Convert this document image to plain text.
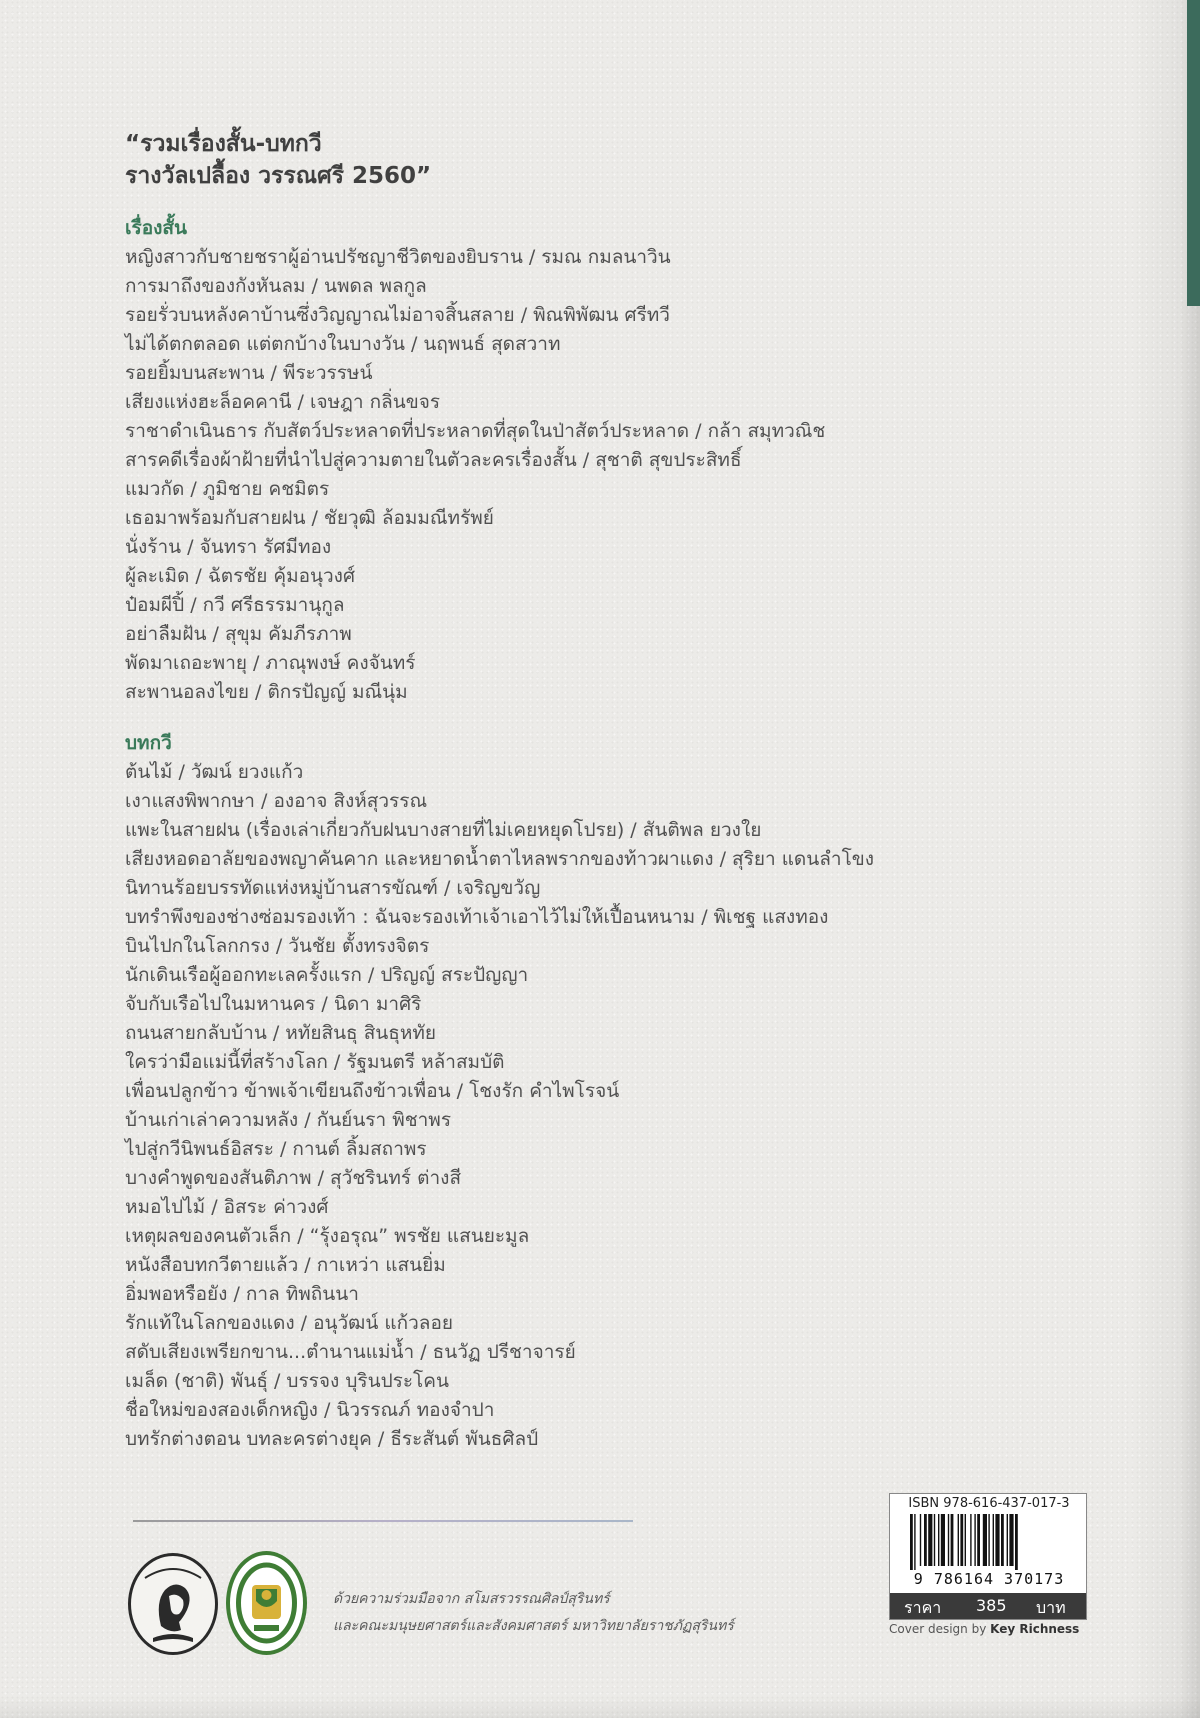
“รวมเรื่องสั้น-บทกวี
รางวัลเปลื้อง วรรณศรี 2560”
เรื่องสั้น
หญิงสาวกับชายชราผู้อ่านปรัชญาชีวิตของยิบราน / รมณ กมลนาวิน
การมาถึงของกังหันลม / นพดล พลกูล
รอยรั่วบนหลังคาบ้านซึ่งวิญญาณไม่อาจสิ้นสลาย / พิณพิพัฒน ศรีทวี
ไม่ได้ตกตลอด แต่ตกบ้างในบางวัน / นฤพนธ์ สุดสวาท
รอยยิ้มบนสะพาน / พีระวรรษน์
เสียงแห่งฮะล็อคคานี / เจษฎา กลิ่นขจร
ราชาดำเนินธาร กับสัตว์ประหลาดที่ประหลาดที่สุดในป่าสัตว์ประหลาด / กล้า สมุทวณิช
สารคดีเรื่องผ้าฝ้ายที่นำไปสู่ความตายในตัวละครเรื่องสั้น / สุชาติ สุขประสิทธิ์
แมวกัด / ภูมิชาย คชมิตร
เธอมาพร้อมกับสายฝน / ชัยวุฒิ ล้อมมณีทรัพย์
นั่งร้าน / จันทรา รัศมีทอง
ผู้ละเมิด / ฉัตรชัย คุ้มอนุวงศ์
ป๋อมผีปิ้ / กวี ศรีธรรมานุกูล
อย่าลืมฝัน / สุขุม คัมภีรภาพ
พัดมาเถอะพายุ / ภาณุพงษ์ คงจันทร์
สะพานอลงไขย / ติกรปัญญ์ มณีนุ่ม
บทกวี
ต้นไม้ / วัฒน์ ยวงแก้ว
เงาแสงพิพากษา / องอาจ สิงห์สุวรรณ
แพะในสายฝน (เรื่องเล่าเกี่ยวกับฝนบางสายที่ไม่เคยหยุดโปรย) / สันติพล ยวงใย
เสียงหอดอาลัยของพญาคันคาก และหยาดน้ำตาไหลพรากของท้าวผาแดง / สุริยา แดนลำโขง
นิทานร้อยบรรทัดแห่งหมู่บ้านสารขัณฑ์ / เจริญขวัญ
บทรำพึงของช่างซ่อมรองเท้า : ฉันจะรองเท้าเจ้าเอาไว้ไม่ให้เปื้อนหนาม / พิเชฐ แสงทอง
บินไปกในโลกกรง / วันชัย ตั้งทรงจิตร
นักเดินเรือผู้ออกทะเลครั้งแรก / ปริญญ์ สระปัญญา
จับกับเรือไปในมหานคร / นิดา มาศิริ
ถนนสายกลับบ้าน / หทัยสินธุ สินธุหทัย
ใครว่ามือแม่นี้ที่สร้างโลก / รัฐมนตรี หล้าสมบัติ
เพื่อนปลูกข้าว ข้าพเจ้าเขียนถึงข้าวเพื่อน / โชงรัก คำไพโรจน์
บ้านเก่าเล่าความหลัง / กันย์นรา พิชาพร
ไปสู่กวีนิพนธ์อิสระ / กานต์ ลิ้มสถาพร
บางคำพูดของสันติภาพ / สุวัชรินทร์ ต่างสี
หมอไปไม้ / อิสระ ค่าวงศ์
เหตุผลของคนตัวเล็ก / “รุ้งอรุณ” พรชัย แสนยะมูล
หนังสือบทกวีตายแล้ว / กาเหว่า แสนยิ่ม
อิ่มพอหรือยัง / กาล ทิพถินนา
รักแท้ในโลกของแดง / อนุวัฒน์ แก้วลอย
สดับเสียงเพรียกขาน...ตำนานแม่น้ำ / ธนวัฏ ปรีชาจารย์
เมล็ด (ชาติ) พันธุ์ / บรรจง บุรินประโคน
ชื่อใหม่ของสองเด็กหญิง / นิวรรณภ์ ทองจำปา
บทรักต่างตอน บทละครต่างยุค / ธีระสันต์ พันธศิลป์
ด้วยความร่วมมือจาก สโมสรวรรณศิลป์สุรินทร์
และคณะมนุษยศาสตร์และสังคมศาสตร์ มหาวิทยาลัยราชภัฏสุรินทร์
ISBN 978-616-437-017-3
9 786164 370173
ราคา 385 บาท
Cover design by Key Richness
